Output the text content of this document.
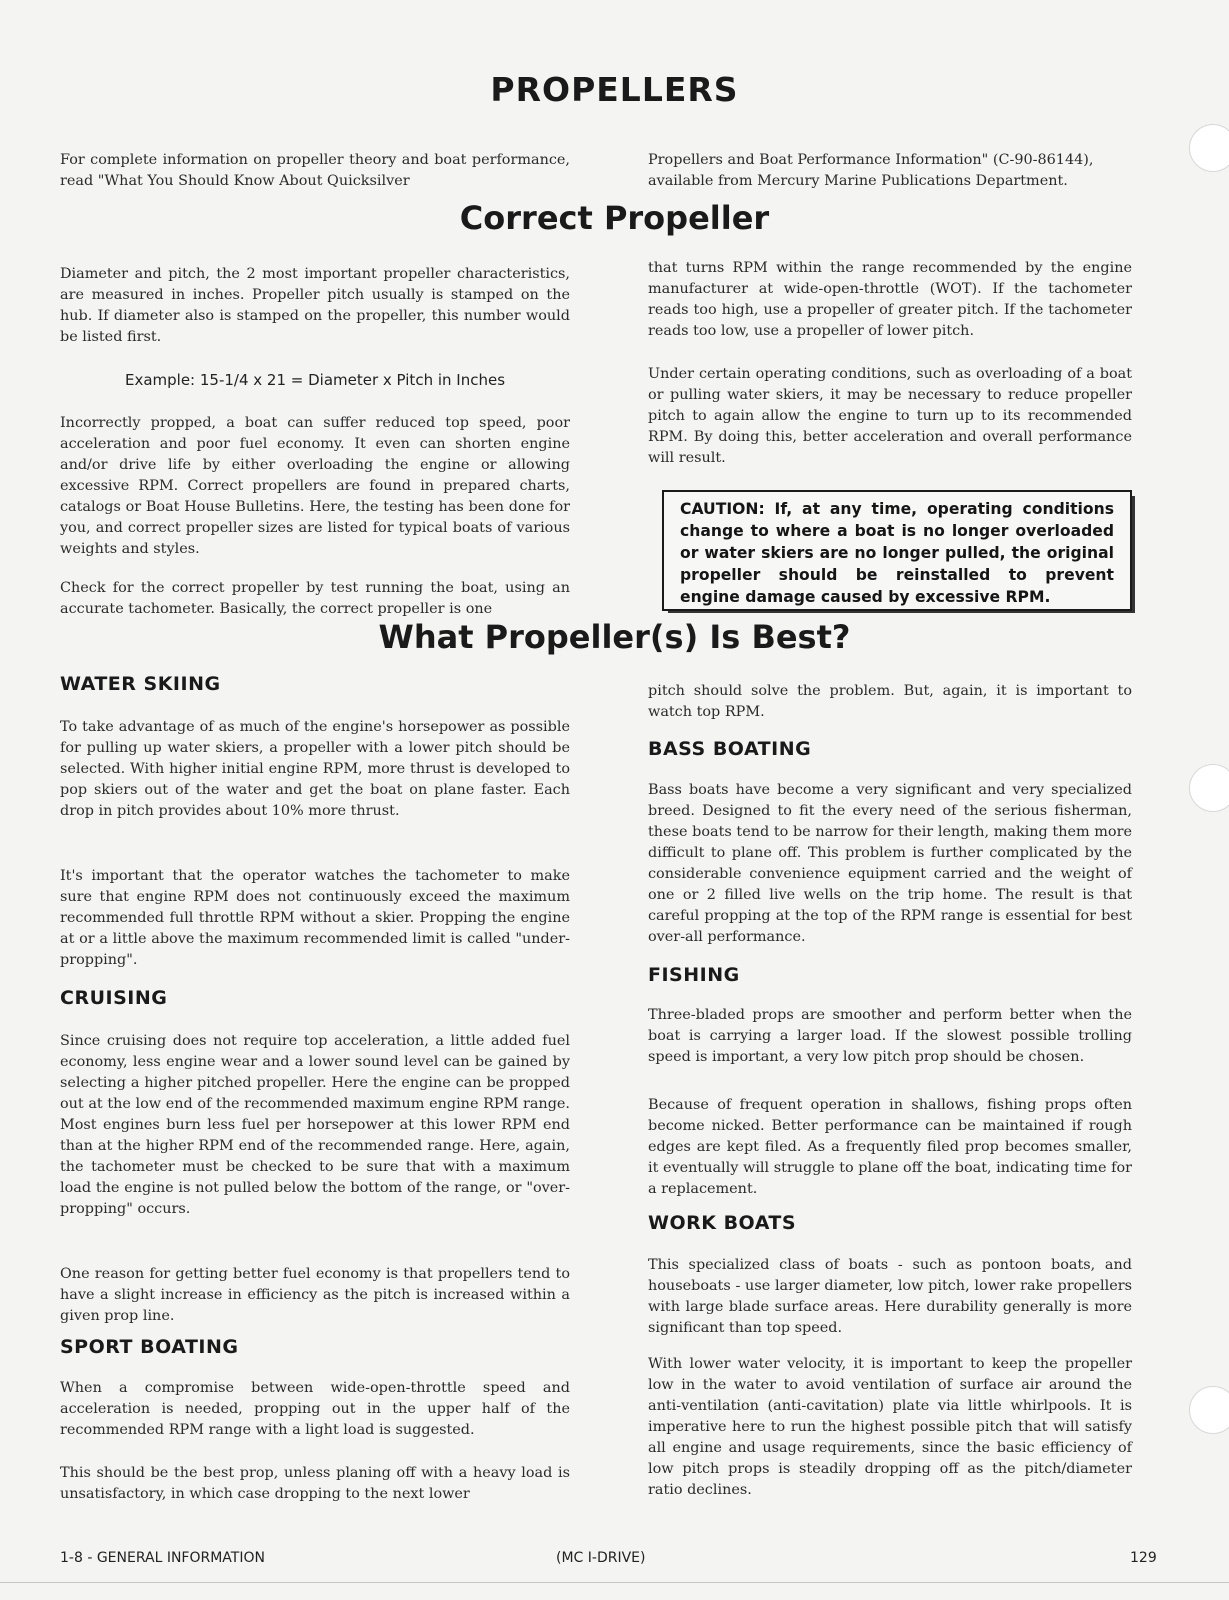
PROPELLERS

For complete information on propeller theory and boat performance, read "What You Should Know About Quicksilver

Propellers and Boat Performance Information" (C-90-86144), available from Mercury Marine Publications Department.

Correct Propeller

Diameter and pitch, the 2 most important propeller characteristics, are measured in inches. Propeller pitch usually is stamped on the hub. If diameter also is stamped on the propeller, this number would be listed first.

Example: 15-1/4 x 21 = Diameter x Pitch in Inches

Incorrectly propped, a boat can suffer reduced top speed, poor acceleration and poor fuel economy. It even can shorten engine and/or drive life by either overloading the engine or allowing excessive RPM. Correct propellers are found in prepared charts, catalogs or Boat House Bulletins. Here, the testing has been done for you, and correct propeller sizes are listed for typical boats of various weights and styles.

Check for the correct propeller by test running the boat, using an accurate tachometer. Basically, the correct propeller is one

that turns RPM within the range recommended by the engine manufacturer at wide-open-throttle (WOT). If the tachometer reads too high, use a propeller of greater pitch. If the tachometer reads too low, use a propeller of lower pitch.

Under certain operating conditions, such as overloading of a boat or pulling water skiers, it may be necessary to reduce propeller pitch to again allow the engine to turn up to its recommended RPM. By doing this, better acceleration and overall performance will result.

CAUTION: If, at any time, operating conditions change to where a boat is no longer overloaded or water skiers are no longer pulled, the original propeller should be reinstalled to prevent engine damage caused by excessive RPM.
What Propeller(s) Is Best?
WATER SKIING

To take advantage of as much of the engine's horsepower as possible for pulling up water skiers, a propeller with a lower pitch should be selected. With higher initial engine RPM, more thrust is developed to pop skiers out of the water and get the boat on plane faster. Each drop in pitch provides about 10% more thrust.

It's important that the operator watches the tachometer to make sure that engine RPM does not continuously exceed the maximum recommended full throttle RPM without a skier. Propping the engine at or a little above the maximum recommended limit is called "under-propping".

CRUISING

Since cruising does not require top acceleration, a little added fuel economy, less engine wear and a lower sound level can be gained by selecting a higher pitched propeller. Here the engine can be propped out at the low end of the recommended maximum engine RPM range. Most engines burn less fuel per horsepower at this lower RPM end than at the higher RPM end of the recommended range. Here, again, the tachometer must be checked to be sure that with a maximum load the engine is not pulled below the bottom of the range, or "over-propping" occurs.

One reason for getting better fuel economy is that propellers tend to have a slight increase in efficiency as the pitch is increased within a given prop line.

SPORT BOATING

When a compromise between wide-open-throttle speed and acceleration is needed, propping out in the upper half of the recommended RPM range with a light load is suggested.

This should be the best prop, unless planing off with a heavy load is unsatisfactory, in which case dropping to the next lower

pitch should solve the problem. But, again, it is important to watch top RPM.

BASS BOATING

Bass boats have become a very significant and very specialized breed. Designed to fit the every need of the serious fisherman, these boats tend to be narrow for their length, making them more difficult to plane off. This problem is further complicated by the considerable convenience equipment carried and the weight of one or 2 filled live wells on the trip home. The result is that careful propping at the top of the RPM range is essential for best over-all performance.

FISHING

Three-bladed props are smoother and perform better when the boat is carrying a larger load. If the slowest possible trolling speed is important, a very low pitch prop should be chosen.

Because of frequent operation in shallows, fishing props often become nicked. Better performance can be maintained if rough edges are kept filed. As a frequently filed prop becomes smaller, it eventually will struggle to plane off the boat, indicating time for a replacement.

WORK BOATS

This specialized class of boats - such as pontoon boats, and houseboats - use larger diameter, low pitch, lower rake propellers with large blade surface areas. Here durability generally is more significant than top speed.

With lower water velocity, it is important to keep the propeller low in the water to avoid ventilation of surface air around the anti-ventilation (anti-cavitation) plate via little whirlpools. It is imperative here to run the highest possible pitch that will satisfy all engine and usage requirements, since the basic efficiency of low pitch props is steadily dropping off as the pitch/diameter ratio declines.

1-8 - GENERAL INFORMATION	(MC I-DRIVE)	129
